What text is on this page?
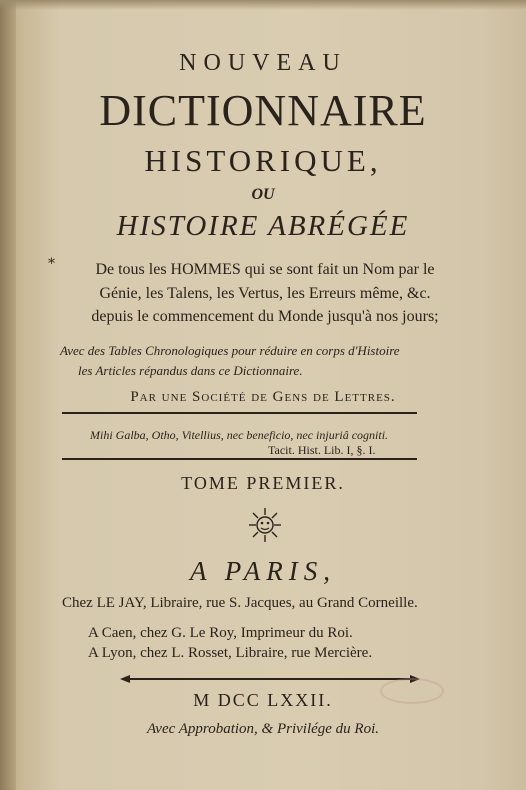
NOUVEAU
DICTIONNAIRE
HISTORIQUE,
OU
HISTOIRE ABRÉGÉE
*	De tous les HOMMES qui se sont fait un Nom par le
Génie, les Talens, les Vertus, les Erreurs même, &c.
depuis le commencement du Monde jusqu'à nos jours;
Avec des Tables Chronologiques pour réduire en corps d'Histoire
les Articles répandus dans ce Dictionnaire.
Par une Société de Gens de Lettres.
Mihi Galba, Otho, Vitellius, nec beneficio, nec injuriâ cogniti.
Tacit. Hist. Lib. I, §. I.
TOME PREMIER.
A PARIS,
Chez LE JAY, Libraire, rue S. Jacques, au Grand Corneille.
A Caen, chez G. Le Roy, Imprimeur du Roi.
A Lyon, chez L. Rosset, Libraire, rue Mercière.
M DCC LXXII.
Avec Approbation, & Privilége du Roi.
